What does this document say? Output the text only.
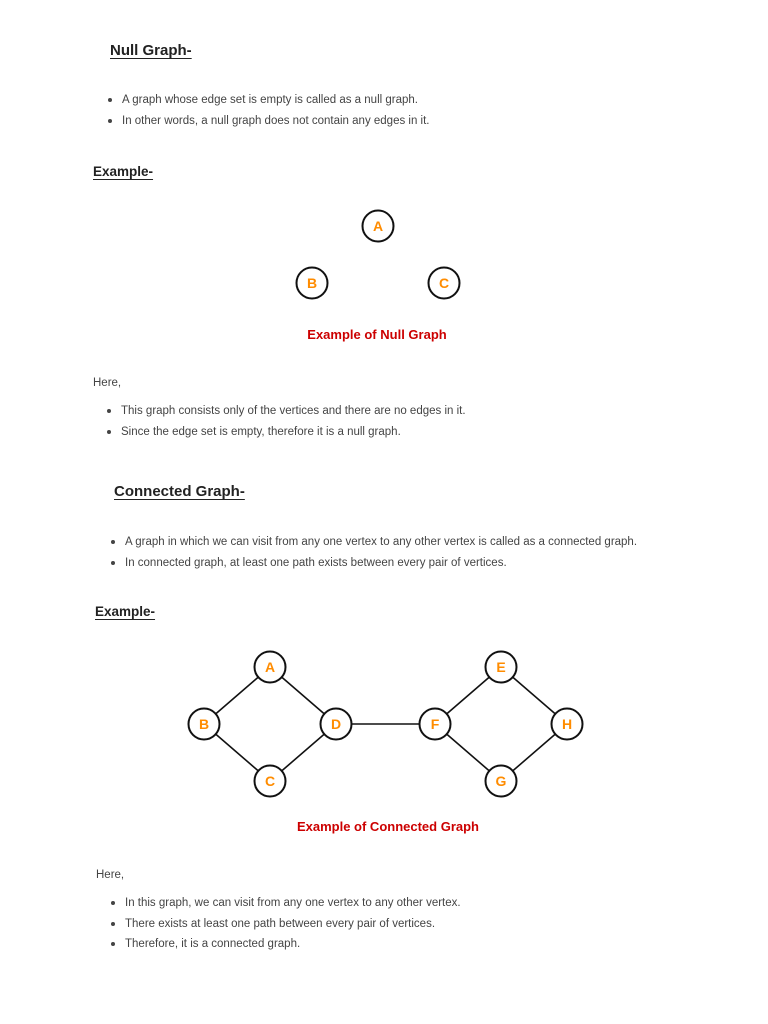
Null Graph-
A graph whose edge set is empty is called as a null graph.
In other words, a null graph does not contain any edges in it.
Example-
A
B	C
Example of Null Graph
Here,
This graph consists only of the vertices and there are no edges in it.
Since the edge set is empty, therefore it is a null graph.
Connected Graph-
A graph in which we can visit from any one vertex to any other vertex is called as a connected graph.
In connected graph, at least one path exists between every pair of vertices.
Example-
A
B
C
D
E
F
G
H
Example of Connected Graph
Here,
In this graph, we can visit from any one vertex to any other vertex.
There exists at least one path between every pair of vertices.
Therefore, it is a connected graph.
